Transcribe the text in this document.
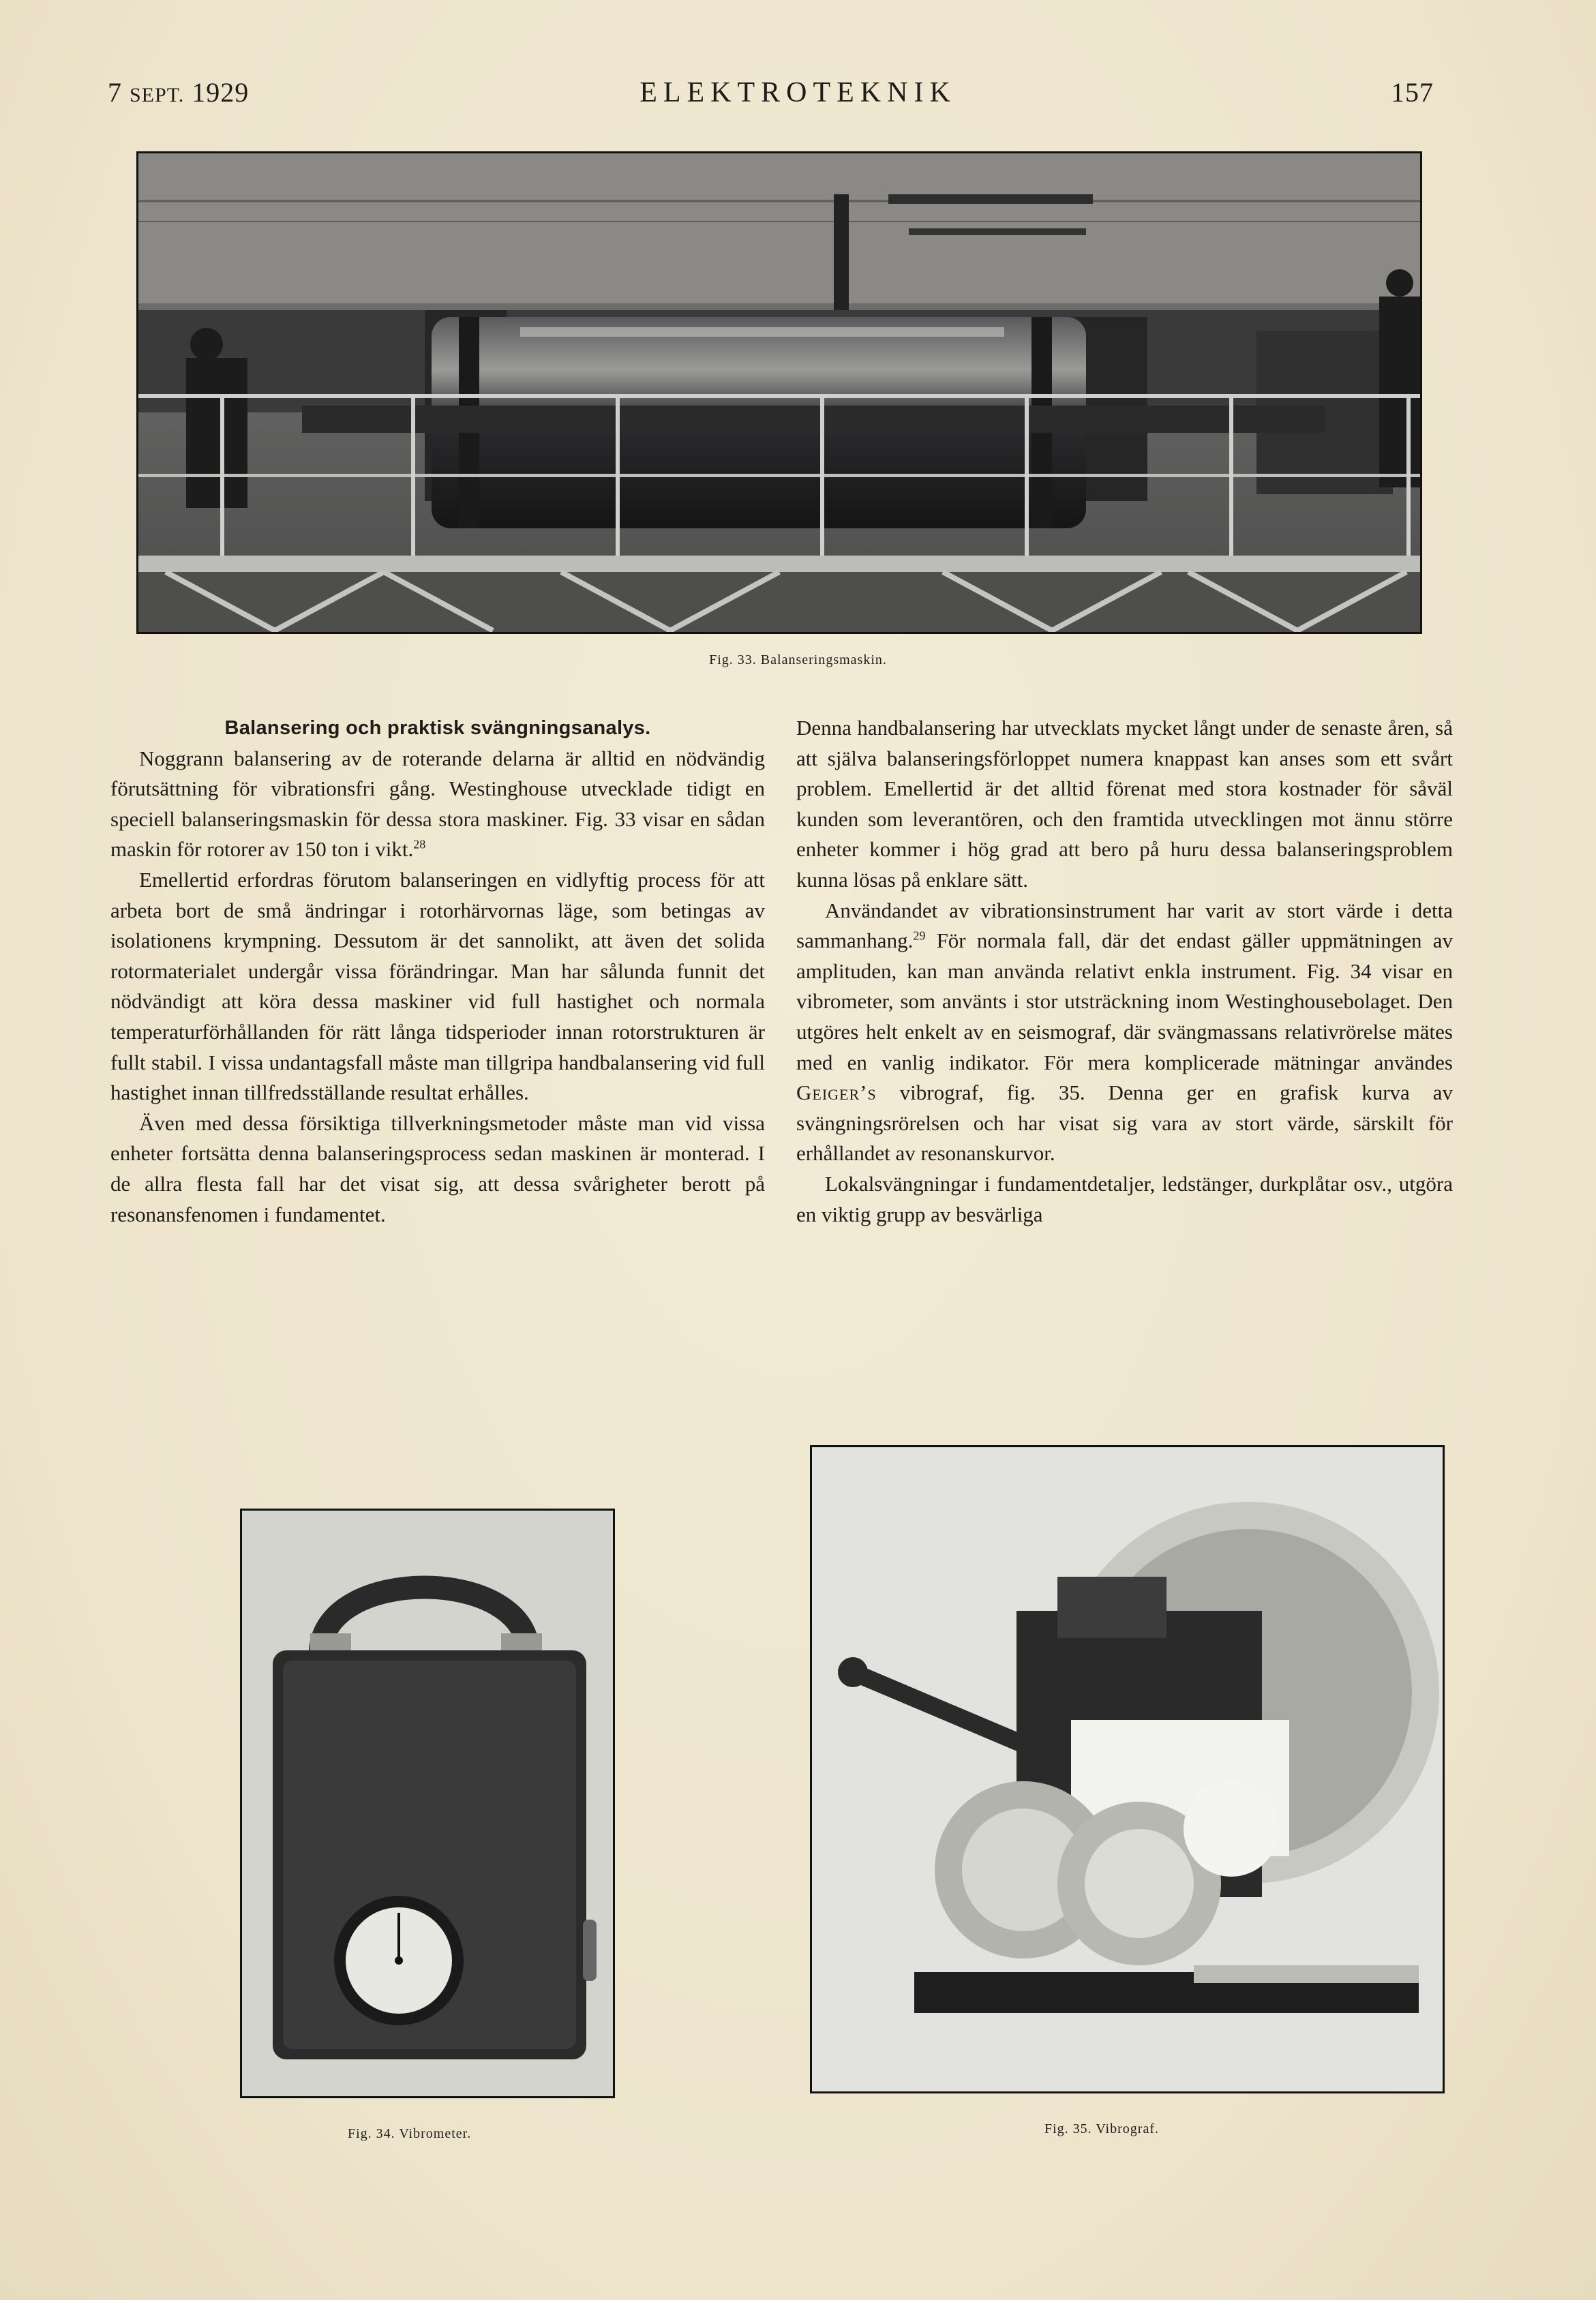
7 SEPT. 1929	ELEKTROTEKNIK	157
Fig. 33. Balanseringsmaskin.
Balansering och praktisk svängningsanalys.

Noggrann balansering av de roterande delarna är alltid en nödvändig förutsättning för vibrationsfri gång. Westinghouse utvecklade tidigt en speciell balanseringsmaskin för dessa stora maskiner. Fig. 33 visar en sådan maskin för rotorer av 150 ton i vikt.$^{28}$

Emellertid erfordras förutom balanseringen en vidlyftig process för att arbeta bort de små ändringar i rotorhärvornas läge, som betingas av isolationens krympning. Dessutom är det sannolikt, att även det solida rotormaterialet undergår vissa förändringar. Man har sålunda funnit det nödvändigt att köra dessa maskiner vid full hastighet och normala temperaturförhållanden för rätt långa tidsperioder innan rotorstrukturen är fullt stabil. I vissa undantagsfall måste man tillgripa handbalansering vid full hastighet innan tillfredsställande resultat erhålles.

Även med dessa försiktiga tillverkningsmetoder måste man vid vissa enheter fortsätta denna balanseringsprocess sedan maskinen är monterad. I de allra flesta fall har det visat sig, att dessa svårigheter berott på resonansfenomen i fundamentet.

Denna handbalansering har utvecklats mycket långt under de senaste åren, så att själva balanseringsförloppet numera knappast kan anses som ett svårt problem. Emellertid är det alltid förenat med stora kostnader för såväl kunden som leverantören, och den framtida utvecklingen mot ännu större enheter kommer i hög grad att bero på huru dessa balanseringsproblem kunna lösas på enklare sätt.

Användandet av vibrationsinstrument har varit av stort värde i detta sammanhang.$^{29}$ För normala fall, där det endast gäller uppmätningen av amplituden, kan man använda relativt enkla instrument. Fig. 34 visar en vibrometer, som använts i stor utsträckning inom Westinghousebolaget. Den utgöres helt enkelt av en seismograf, där svängmassans relativrörelse mätes med en vanlig indikator. För mera komplicerade mätningar användes Geiger’s vibrograf, fig. 35. Denna ger en grafisk kurva av svängningsrörelsen och har visat sig vara av stort värde, särskilt för erhållandet av resonanskurvor.

Lokalsvängningar i fundamentdetaljer, ledstänger, durkplåtar osv., utgöra en viktig grupp av besvärliga

Fig. 34. Vibrometer.	Fig. 35. Vibrograf.
